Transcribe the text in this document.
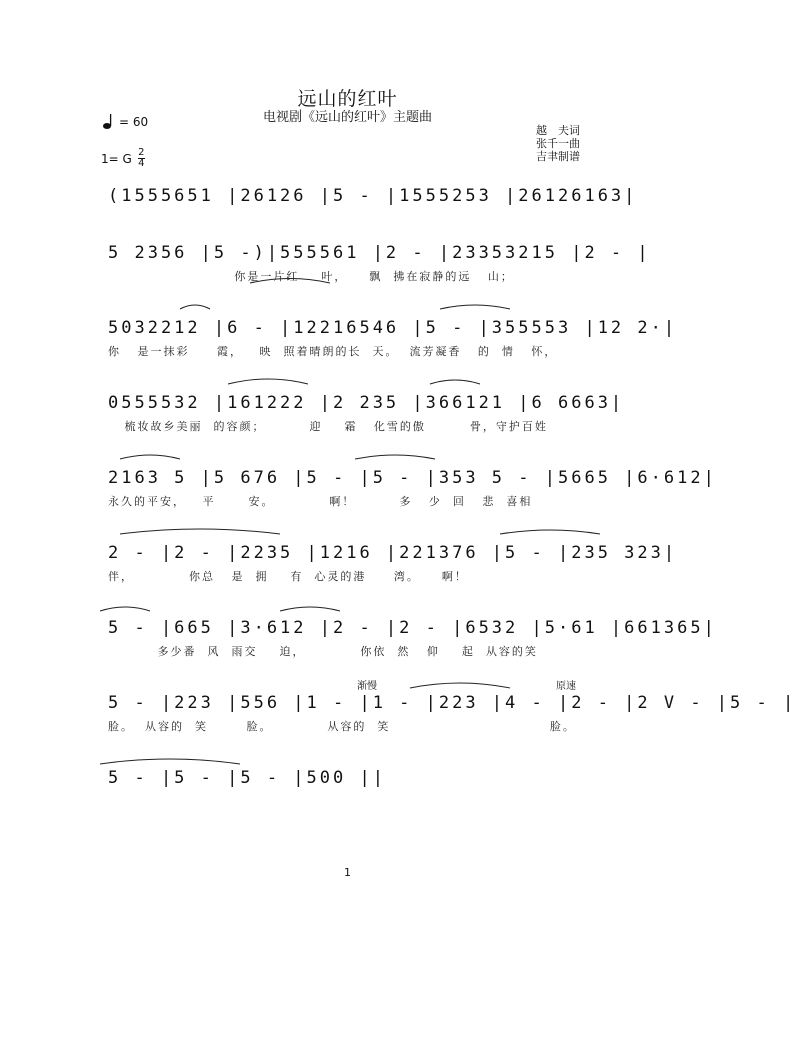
远山的红叶
电视剧《远山的红叶》主题曲
= 60
1= G $\frac{2}{4}$
越　夫词
张千一曲
吉聿制谱
(1555651 |26126 |5 - |1555253 |26126163|
5 2356 |5 -)|555561 |2 - |23353215 |2 - |
你是一片红    叶，    飘  拂在寂静的远   山；
5032212 |6 - |12216546 |5 - |355553 |12 2·|
你   是一抹彩     霞，   映  照着晴朗的长  天。  流芳凝香   的  情   怀，
0555532 |161222 |2 235 |366121 |6 6663|
梳妆故乡美丽  的容颜；        迎    霜   化雪的傲        骨，守护百姓
2163 5 |5 676 |5 - |5 - |353 5 - |5665 |6·612|
永久的平安，   平      安。          啊！        多   少  回   悲  喜相
2 - |2 - |2235 |1216 |221376 |5 - |235 323|
伴，          你总   是  拥    有  心灵的港     湾。    啊！
5 - |665 |3·612 |2 - |2 - |6532 |5·61 |661365|
多少番  风  雨交    迫，          你依  然   仰    起  从容的笑
5 - |223 |556 |1 - |1 - |223 |4 - |2 - |2 V - |5 - |
脸。  从容的  笑       脸。          从容的  笑                             脸。
5 - |5 - |5 - |500 ||
渐慢	原速
1
